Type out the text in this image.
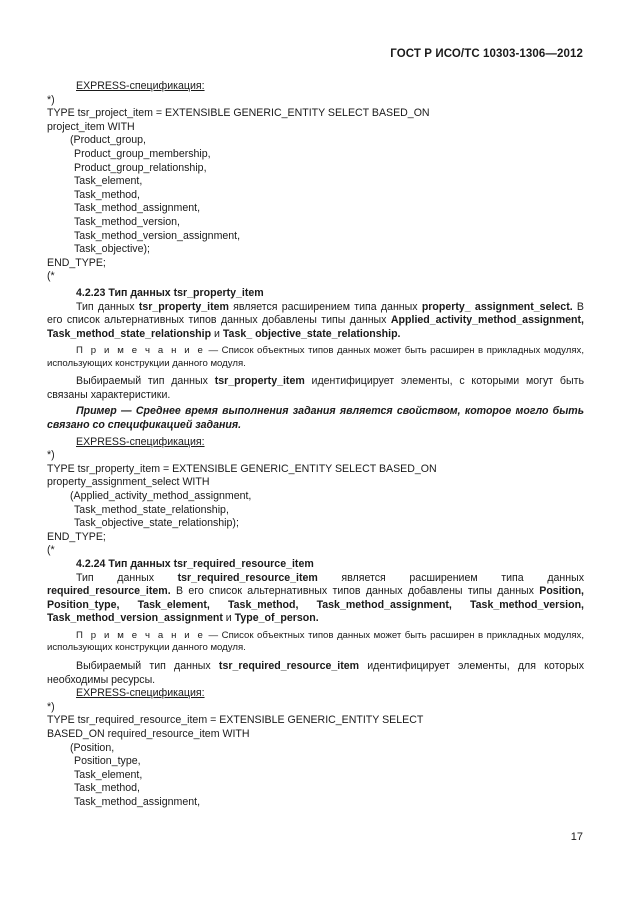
ГОСТ Р ИСО/ТС 10303-1306—2012
EXPRESS-спецификация:
*)
TYPE tsr_project_item = EXTENSIBLE GENERIC_ENTITY SELECT BASED_ON
project_item WITH
(Product_group,
Product_group_membership,
Product_group_relationship,
Task_element,
Task_method,
Task_method_assignment,
Task_method_version,
Task_method_version_assignment,
Task_objective);
END_TYPE;
(*
4.2.23 Тип данных tsr_property_item

Тип данных tsr_property_item является расширением типа данных property_ assignment_select. В его список альтернативных типов данных добавлены типы данных Applied_activity_method_assignment, Task_method_state_relationship и Task_ objective_state_relationship.

П р и м е ч а н и е — Список объектных типов данных может быть расширен в прикладных модулях, использующих конструкции данного модуля.

Выбираемый тип данных tsr_property_item идентифицирует элементы, с которыми могут быть связаны характеристики.

Пример — Среднее время выполнения задания является свойством, которое могло быть связано со спецификацией задания.

EXPRESS-спецификация:
*)
TYPE tsr_property_item = EXTENSIBLE GENERIC_ENTITY SELECT BASED_ON
property_assignment_select WITH
(Applied_activity_method_assignment,
Task_method_state_relationship,
Task_objective_state_relationship);
END_TYPE;
(*
4.2.24 Тип данных tsr_required_resource_item

Тип данных tsr_required_resource_item является расширением типа данных required_resource_item. В его список альтернативных типов данных добавлены типы данных Position, Position_type, Task_element, Task_method, Task_method_assignment, Task_method_version, Task_method_version_assignment и Type_of_person.

П р и м е ч а н и е — Список объектных типов данных может быть расширен в прикладных модулях, использующих конструкции данного модуля.

Выбираемый тип данных tsr_required_resource_item идентифицирует элементы, для которых необходимы ресурсы.

EXPRESS-спецификация:
*)
TYPE tsr_required_resource_item = EXTENSIBLE GENERIC_ENTITY SELECT
BASED_ON required_resource_item WITH
(Position,
Position_type,
Task_element,
Task_method,
Task_method_assignment,
17
